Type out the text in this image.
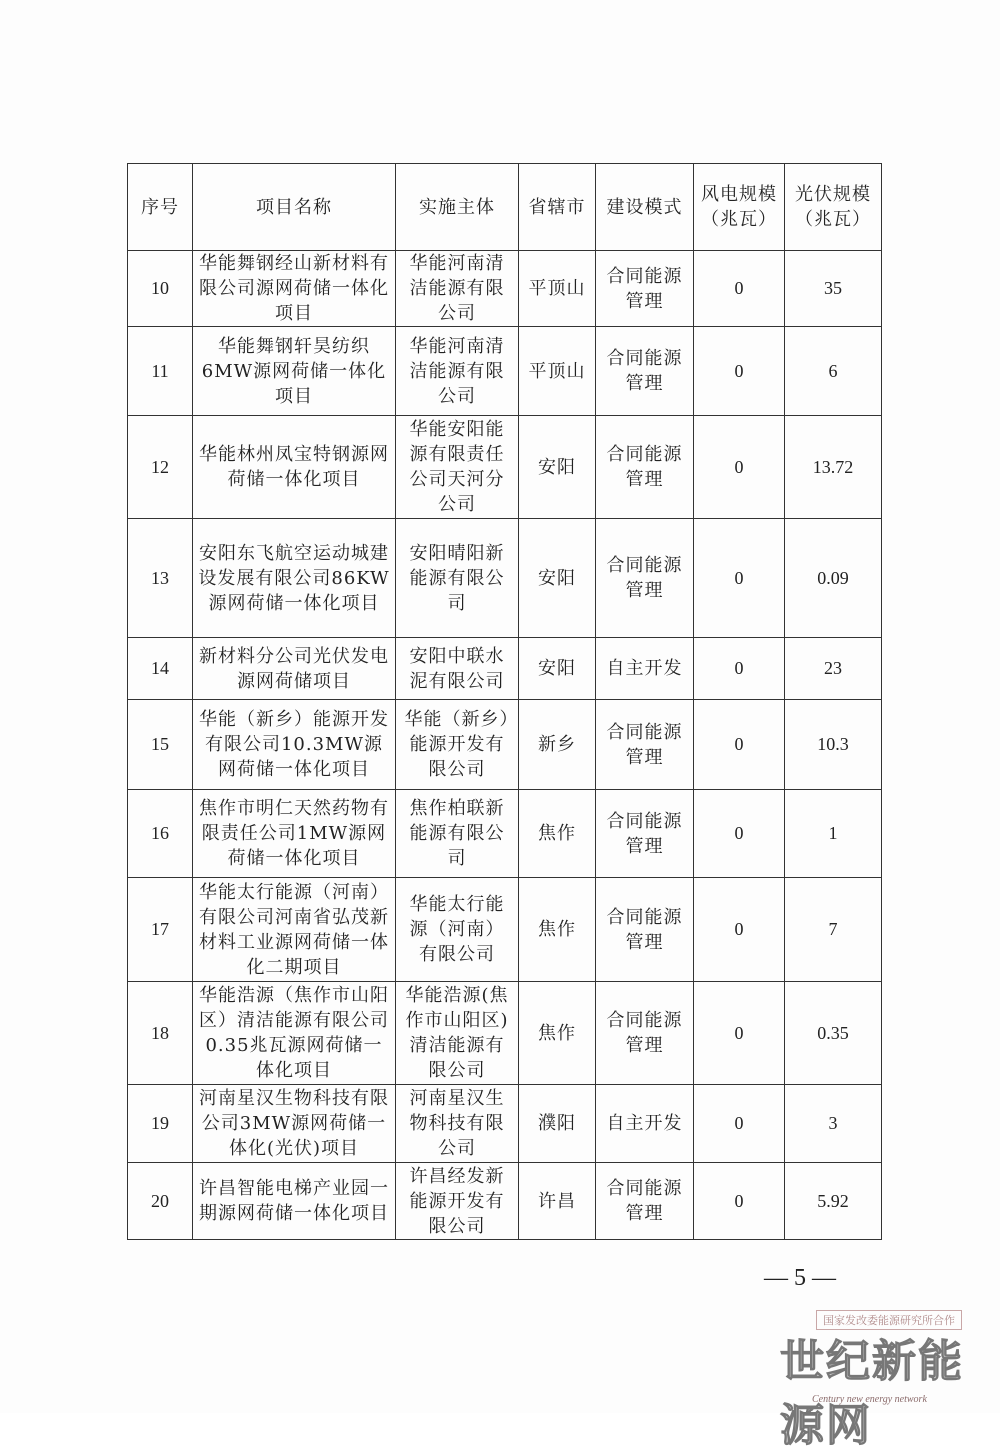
序号	项目名称	实施主体	省辖市	建设模式	风电规模（兆瓦）	光伏规模（兆瓦）
10	华能舞钢经山新材料有限公司源网荷储一体化项目	华能河南清洁能源有限公司	平顶山	合同能源管理	0	35
11	华能舞钢轩昊纺织6MW源网荷储一体化项目	华能河南清洁能源有限公司	平顶山	合同能源管理	0	6
12	华能林州凤宝特钢源网荷储一体化项目	华能安阳能源有限责任公司天河分公司	安阳	合同能源管理	0	13.72
13	安阳东飞航空运动城建设发展有限公司86KW源网荷储一体化项目	安阳晴阳新能源有限公司	安阳	合同能源管理	0	0.09
14	新材料分公司光伏发电源网荷储项目	安阳中联水泥有限公司	安阳	自主开发	0	23
15	华能（新乡）能源开发有限公司10.3MW源网荷储一体化项目	华能（新乡）能源开发有限公司	新乡	合同能源管理	0	10.3
16	焦作市明仁天然药物有限责任公司1MW源网荷储一体化项目	焦作柏联新能源有限公司	焦作	合同能源管理	0	1
17	华能太行能源（河南）有限公司河南省弘茂新材料工业源网荷储一体化二期项目	华能太行能源（河南）有限公司	焦作	合同能源管理	0	7
18	华能浩源（焦作市山阳区）清洁能源有限公司0.35兆瓦源网荷储一体化项目	华能浩源(焦作市山阳区)清洁能源有限公司	焦作	合同能源管理	0	0.35
19	河南星汉生物科技有限公司3MW源网荷储一体化(光伏)项目	河南星汉生物科技有限公司	濮阳	自主开发	0	3
20	许昌智能电梯产业园一期源网荷储一体化项目	许昌经发新能源开发有限公司	许昌	合同能源管理	0	5.92
— 5 —
国家发改委能源研究所合作
世纪新能源网
Century new energy network
